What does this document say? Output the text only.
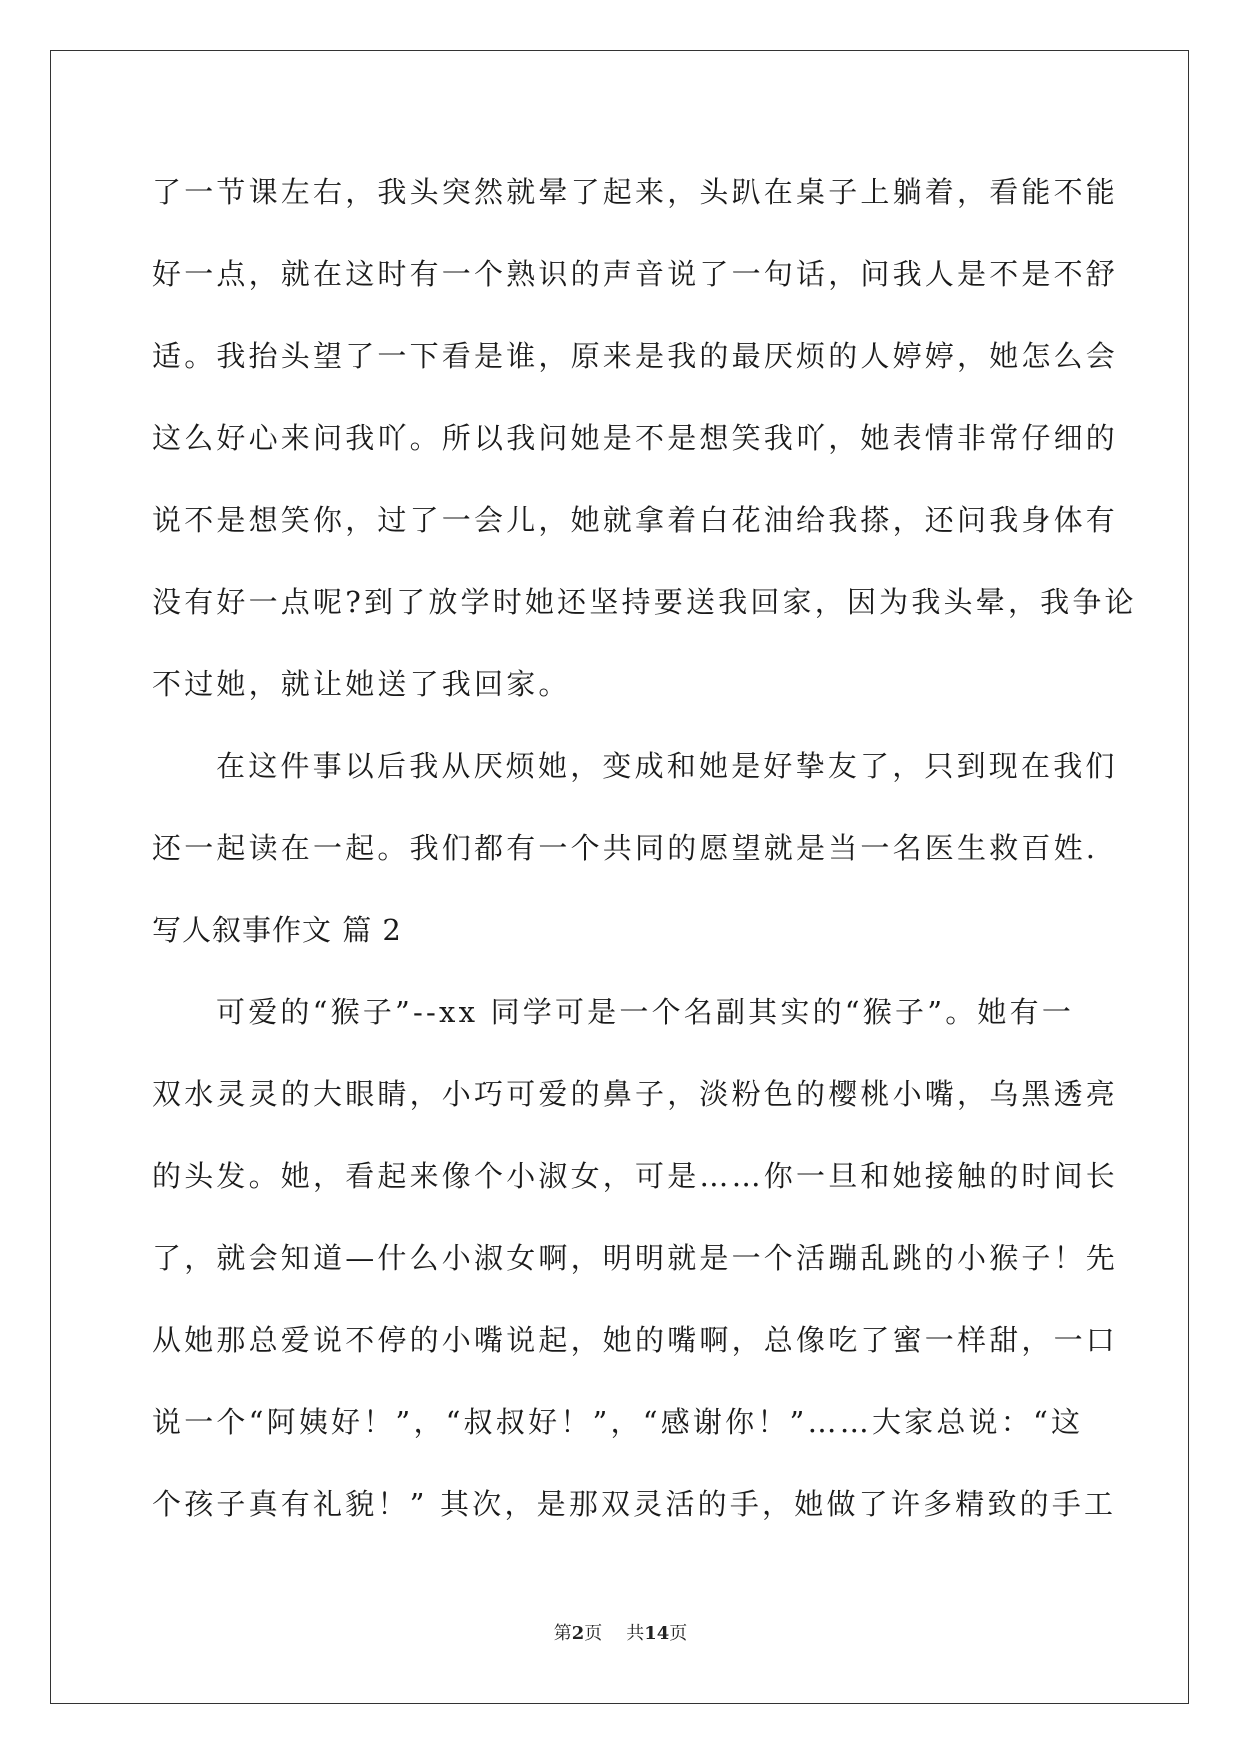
了一节课左右，我头突然就晕了起来，头趴在桌子上躺着，看能不能
好一点，就在这时有一个熟识的声音说了一句话，问我人是不是不舒
适。我抬头望了一下看是谁，原来是我的最厌烦的人婷婷，她怎么会
这么好心来问我吖。所以我问她是不是想笑我吖，她表情非常仔细的
说不是想笑你，过了一会儿，她就拿着白花油给我搽，还问我身体有
没有好一点呢?到了放学时她还坚持要送我回家，因为我头晕，我争论
不过她，就让她送了我回家。
在这件事以后我从厌烦她，变成和她是好挚友了，只到现在我们
还一起读在一起。我们都有一个共同的愿望就是当一名医生救百姓.
写人叙事作文 篇 2
可爱的“猴子”--xx 同学可是一个名副其实的“猴子”。她有一
双水灵灵的大眼睛，小巧可爱的鼻子，淡粉色的樱桃小嘴，乌黑透亮
的头发。她，看起来像个小淑女，可是……你一旦和她接触的时间长
了，就会知道—什么小淑女啊，明明就是一个活蹦乱跳的小猴子！先
从她那总爱说不停的小嘴说起，她的嘴啊，总像吃了蜜一样甜，一口
说一个“阿姨好！”，“叔叔好！”，“感谢你！”……大家总说：“这
个孩子真有礼貌！” 其次，是那双灵活的手，她做了许多精致的手工
第2页 共14页
